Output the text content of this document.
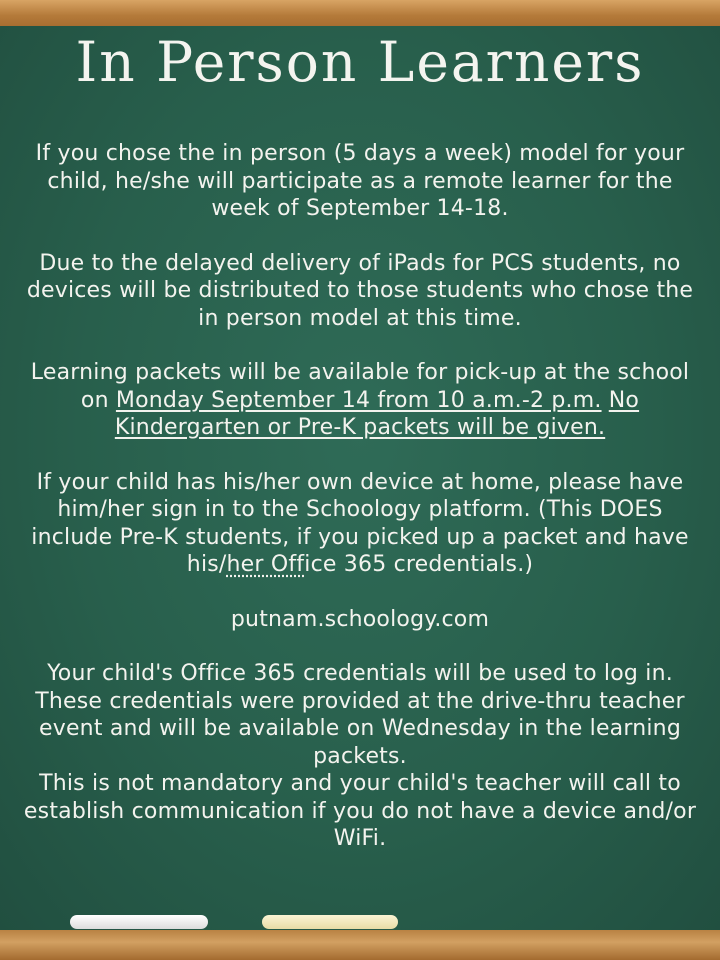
In Person Learners

If you chose the in person (5 days a week) model for your child, he/she will participate as a remote learner for the week of September 14-18.

Due to the delayed delivery of iPads for PCS students, no devices will be distributed to those students who chose the in person model at this time.

Learning packets will be available for pick-up at the school on Monday September 14 from 10 a.m.-2 p.m. No Kindergarten or Pre-K packets will be given.

If your child has his/her own device at home, please have him/her sign in to the Schoology platform. (This DOES include Pre-K students, if you picked up a packet and have his/her Office 365 credentials.)

putnam.schoology.com

Your child's Office 365 credentials will be used to log in. These credentials were provided at the drive-thru teacher event and will be available on Wednesday in the learning packets.

This is not mandatory and your child's teacher will call to establish communication if you do not have a device and/or WiFi.
